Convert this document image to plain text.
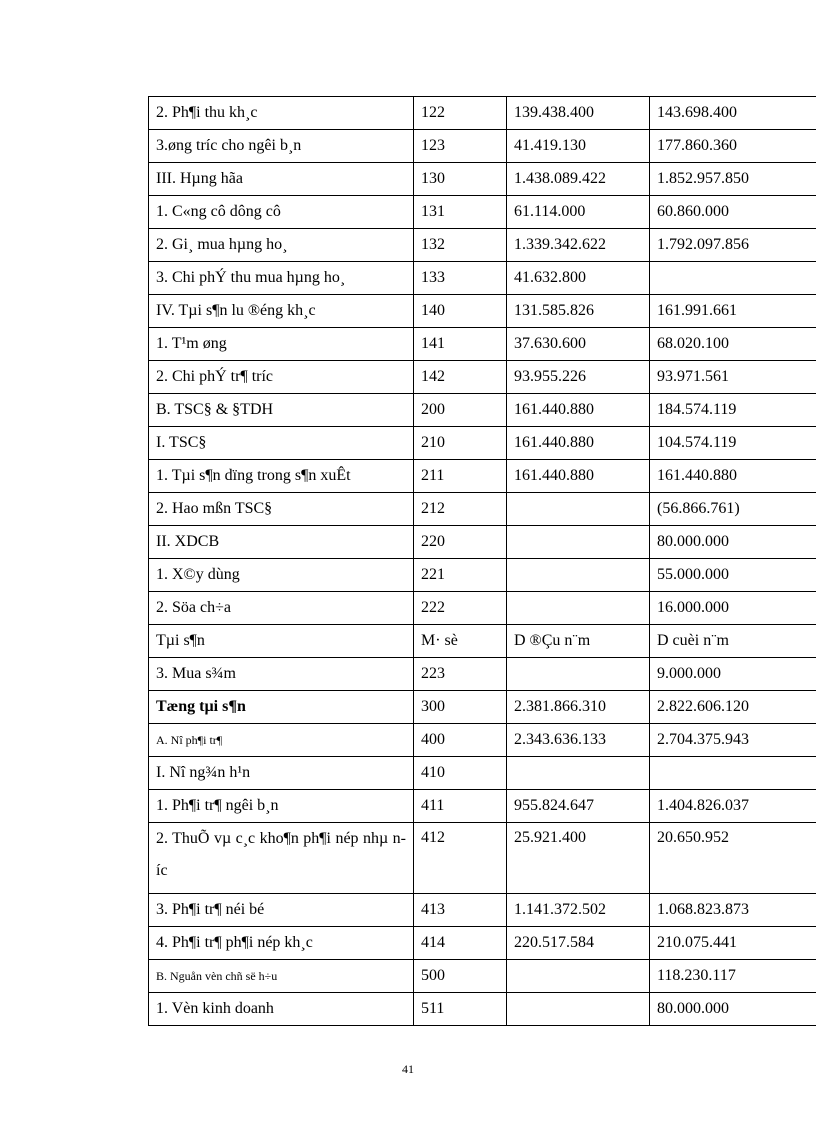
2. Ph¶i thu kh¸c	122	139.438.400	143.698.400
3.øng tríc cho ngêi b¸n	123	41.419.130	177.860.360
III. Hµng hãa	130	1.438.089.422	1.852.957.850
1. C«ng cô dông cô	131	61.114.000	60.860.000
2. Gi¸ mua hµng ho¸	132	1.339.342.622	1.792.097.856
3. Chi phÝ thu mua hµng ho¸	133	41.632.800	
IV. Tµi s¶n lu ®éng kh¸c	140	131.585.826	161.991.661
1. T¹m øng	141	37.630.600	68.020.100
2. Chi phÝ tr¶ tríc	142	93.955.226	93.971.561
B. TSC§ & §TDH	200	161.440.880	184.574.119
I. TSC§	210	161.440.880	104.574.119
1. Tµi s¶n dïng trong s¶n xuÊt	211	161.440.880	161.440.880
2. Hao mßn TSC§	212		(56.866.761)
II. XDCB	220		80.000.000
1. X©y dùng	221		55.000.000
2. Söa ch÷a	222		16.000.000
Tµi s¶n	M· sè	D ®Çu n¨m	D cuèi n¨m
3. Mua s¾m	223		9.000.000
Tæng tµi s¶n	300	2.381.866.310	2.822.606.120
A. Nî ph¶i tr¶	400	2.343.636.133	2.704.375.943
I. Nî ng¾n h¹n	410		
1. Ph¶i tr¶ ngêi b¸n	411	955.824.647	1.404.826.037
2. ThuÕ vµ c¸c kho¶n ph¶i nép nhµ níc	412	25.921.400	20.650.952
3. Ph¶i tr¶ néi bé	413	1.141.372.502	1.068.823.873
4. Ph¶i tr¶ ph¶i nép kh¸c	414	220.517.584	210.075.441
B. Nguån vèn chñ së h÷u	500		118.230.117
1. Vèn kinh doanh	511		80.000.000
41
